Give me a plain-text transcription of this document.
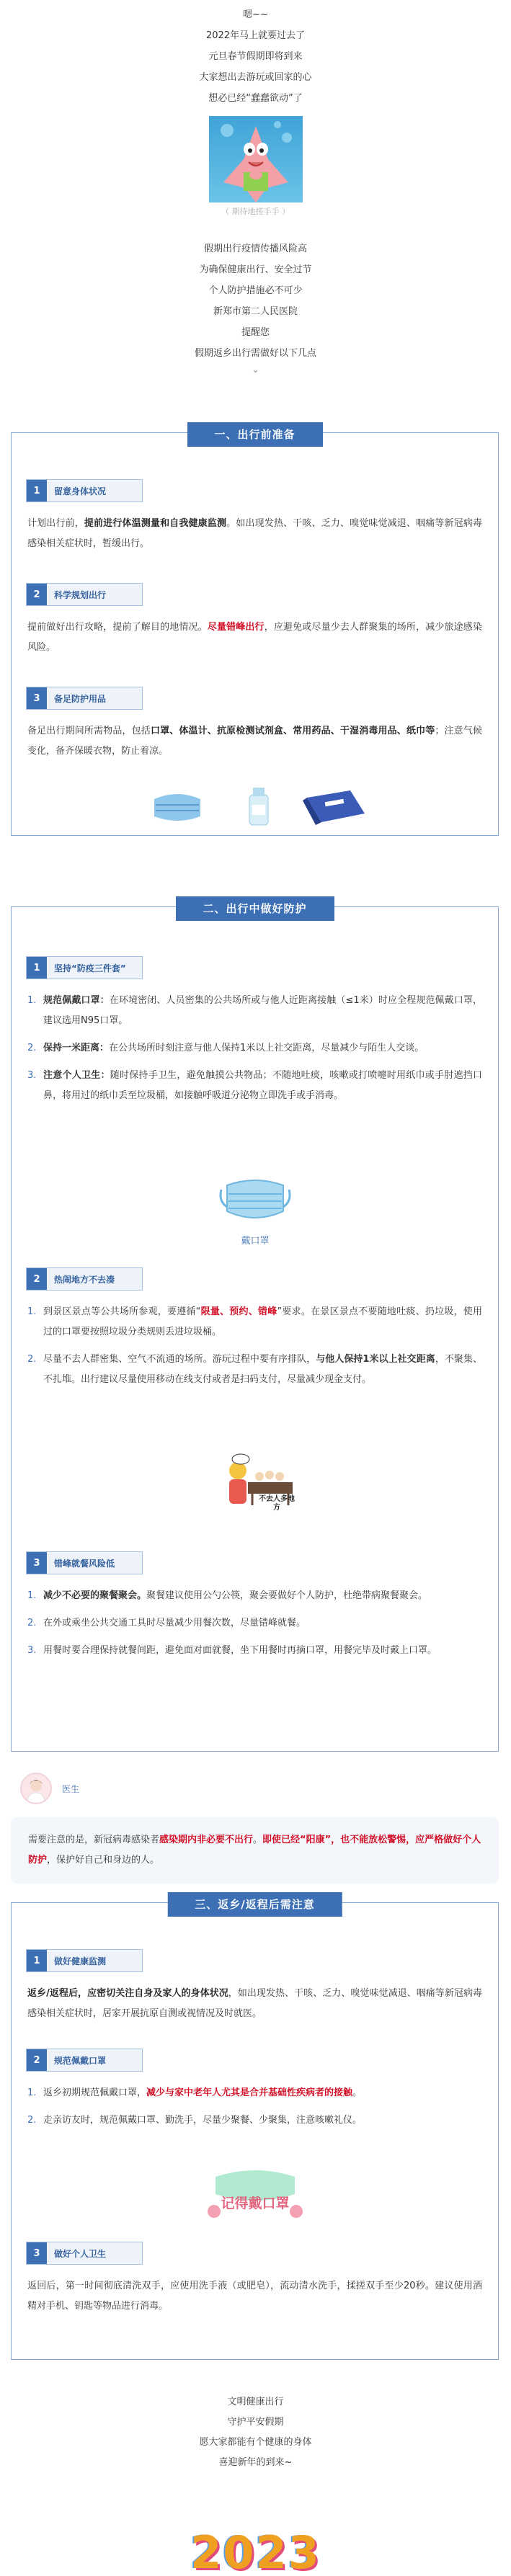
嗯~~

2022年马上就要过去了

元旦春节假期即将到来

大家想出去游玩或回家的心

想必已经“蠢蠢欲动”了

（ 期待地搓手手 ）

假期出行疫情传播风险高

为确保健康出行、安全过节

个人防护措施必不可少

新郑市第二人民医院

提醒您

假期返乡出行需做好以下几点

⌄
一、出行前准备
1	留意身体状况

计划出行前，提前进行体温测量和自我健康监测。如出现发热、干咳、乏力、嗅觉味觉减退、咽痛等新冠病毒感染相关症状时，暂缓出行。

2	科学规划出行

提前做好出行攻略，提前了解目的地情况。尽量错峰出行，应避免或尽量少去人群聚集的场所，减少旅途感染风险。

3	备足防护用品

备足出行期间所需物品，包括口罩、体温计、抗原检测试剂盒、常用药品、干湿消毒用品、纸巾等；注意气候变化，备齐保暖衣物，防止着凉。

二、出行中做好防护
1	坚持“防疫三件套”
1. 规范佩戴口罩：在环境密闭、人员密集的公共场所或与他人近距离接触（≤1米）时应全程规范佩戴口罩，建议选用N95口罩。
2. 保持一米距离：在公共场所时刻注意与他人保持1米以上社交距离，尽量减少与陌生人交谈。
3. 注意个人卫生：随时保持手卫生，避免触摸公共物品；不随地吐痰，咳嗽或打喷嚏时用纸巾或手肘遮挡口鼻，将用过的纸巾丢至垃圾桶，如接触呼吸道分泌物立即洗手或手消毒。
戴口罩
2	热闹地方不去凑
1. 到景区景点等公共场所参观，要遵循“限量、预约、错峰”要求。在景区景点不要随地吐痰、扔垃圾，使用过的口罩要按照垃圾分类规则丢进垃圾桶。
2. 尽量不去人群密集、空气不流通的场所。游玩过程中要有序排队，与他人保持1米以上社交距离，不聚集、不扎堆。出行建议尽量使用移动在线支付或者是扫码支付，尽量减少现金支付。
不去人多地方
3	错峰就餐风险低
1. 减少不必要的聚餐聚会。聚餐建议使用公勺公筷，聚会要做好个人防护，杜绝带病聚餐聚会。
2. 在外或乘坐公共交通工具时尽量减少用餐次数，尽量错峰就餐。
3. 用餐时要合理保持就餐间距，避免面对面就餐，坐下用餐时再摘口罩，用餐完毕及时戴上口罩。
医生
需要注意的是，新冠病毒感染者感染期内非必要不出行。即使已经“阳康”，也不能放松警惕，应严格做好个人防护，保护好自己和身边的人。
三、返乡/返程后需注意
1	做好健康监测

返乡/返程后，应密切关注自身及家人的身体状况，如出现发热、干咳、乏力、嗅觉味觉减退、咽痛等新冠病毒感染相关症状时，居家开展抗原自测或视情况及时就医。

2	规范佩戴口罩
1. 返乡初期规范佩戴口罩，减少与家中老年人尤其是合并基础性疾病者的接触。
2. 走亲访友时，规范佩戴口罩、勤洗手，尽量少聚餐、少聚集，注意咳嗽礼仪。
记得戴口罩
3	做好个人卫生

返回后，第一时间彻底清洗双手，应使用洗手液（或肥皂），流动清水洗手，揉搓双手至少20秒。建议使用酒精对手机、钥匙等物品进行消毒。

文明健康出行

守护平安假期

愿大家都能有个健康的身体

喜迎新年的到来~

2023
